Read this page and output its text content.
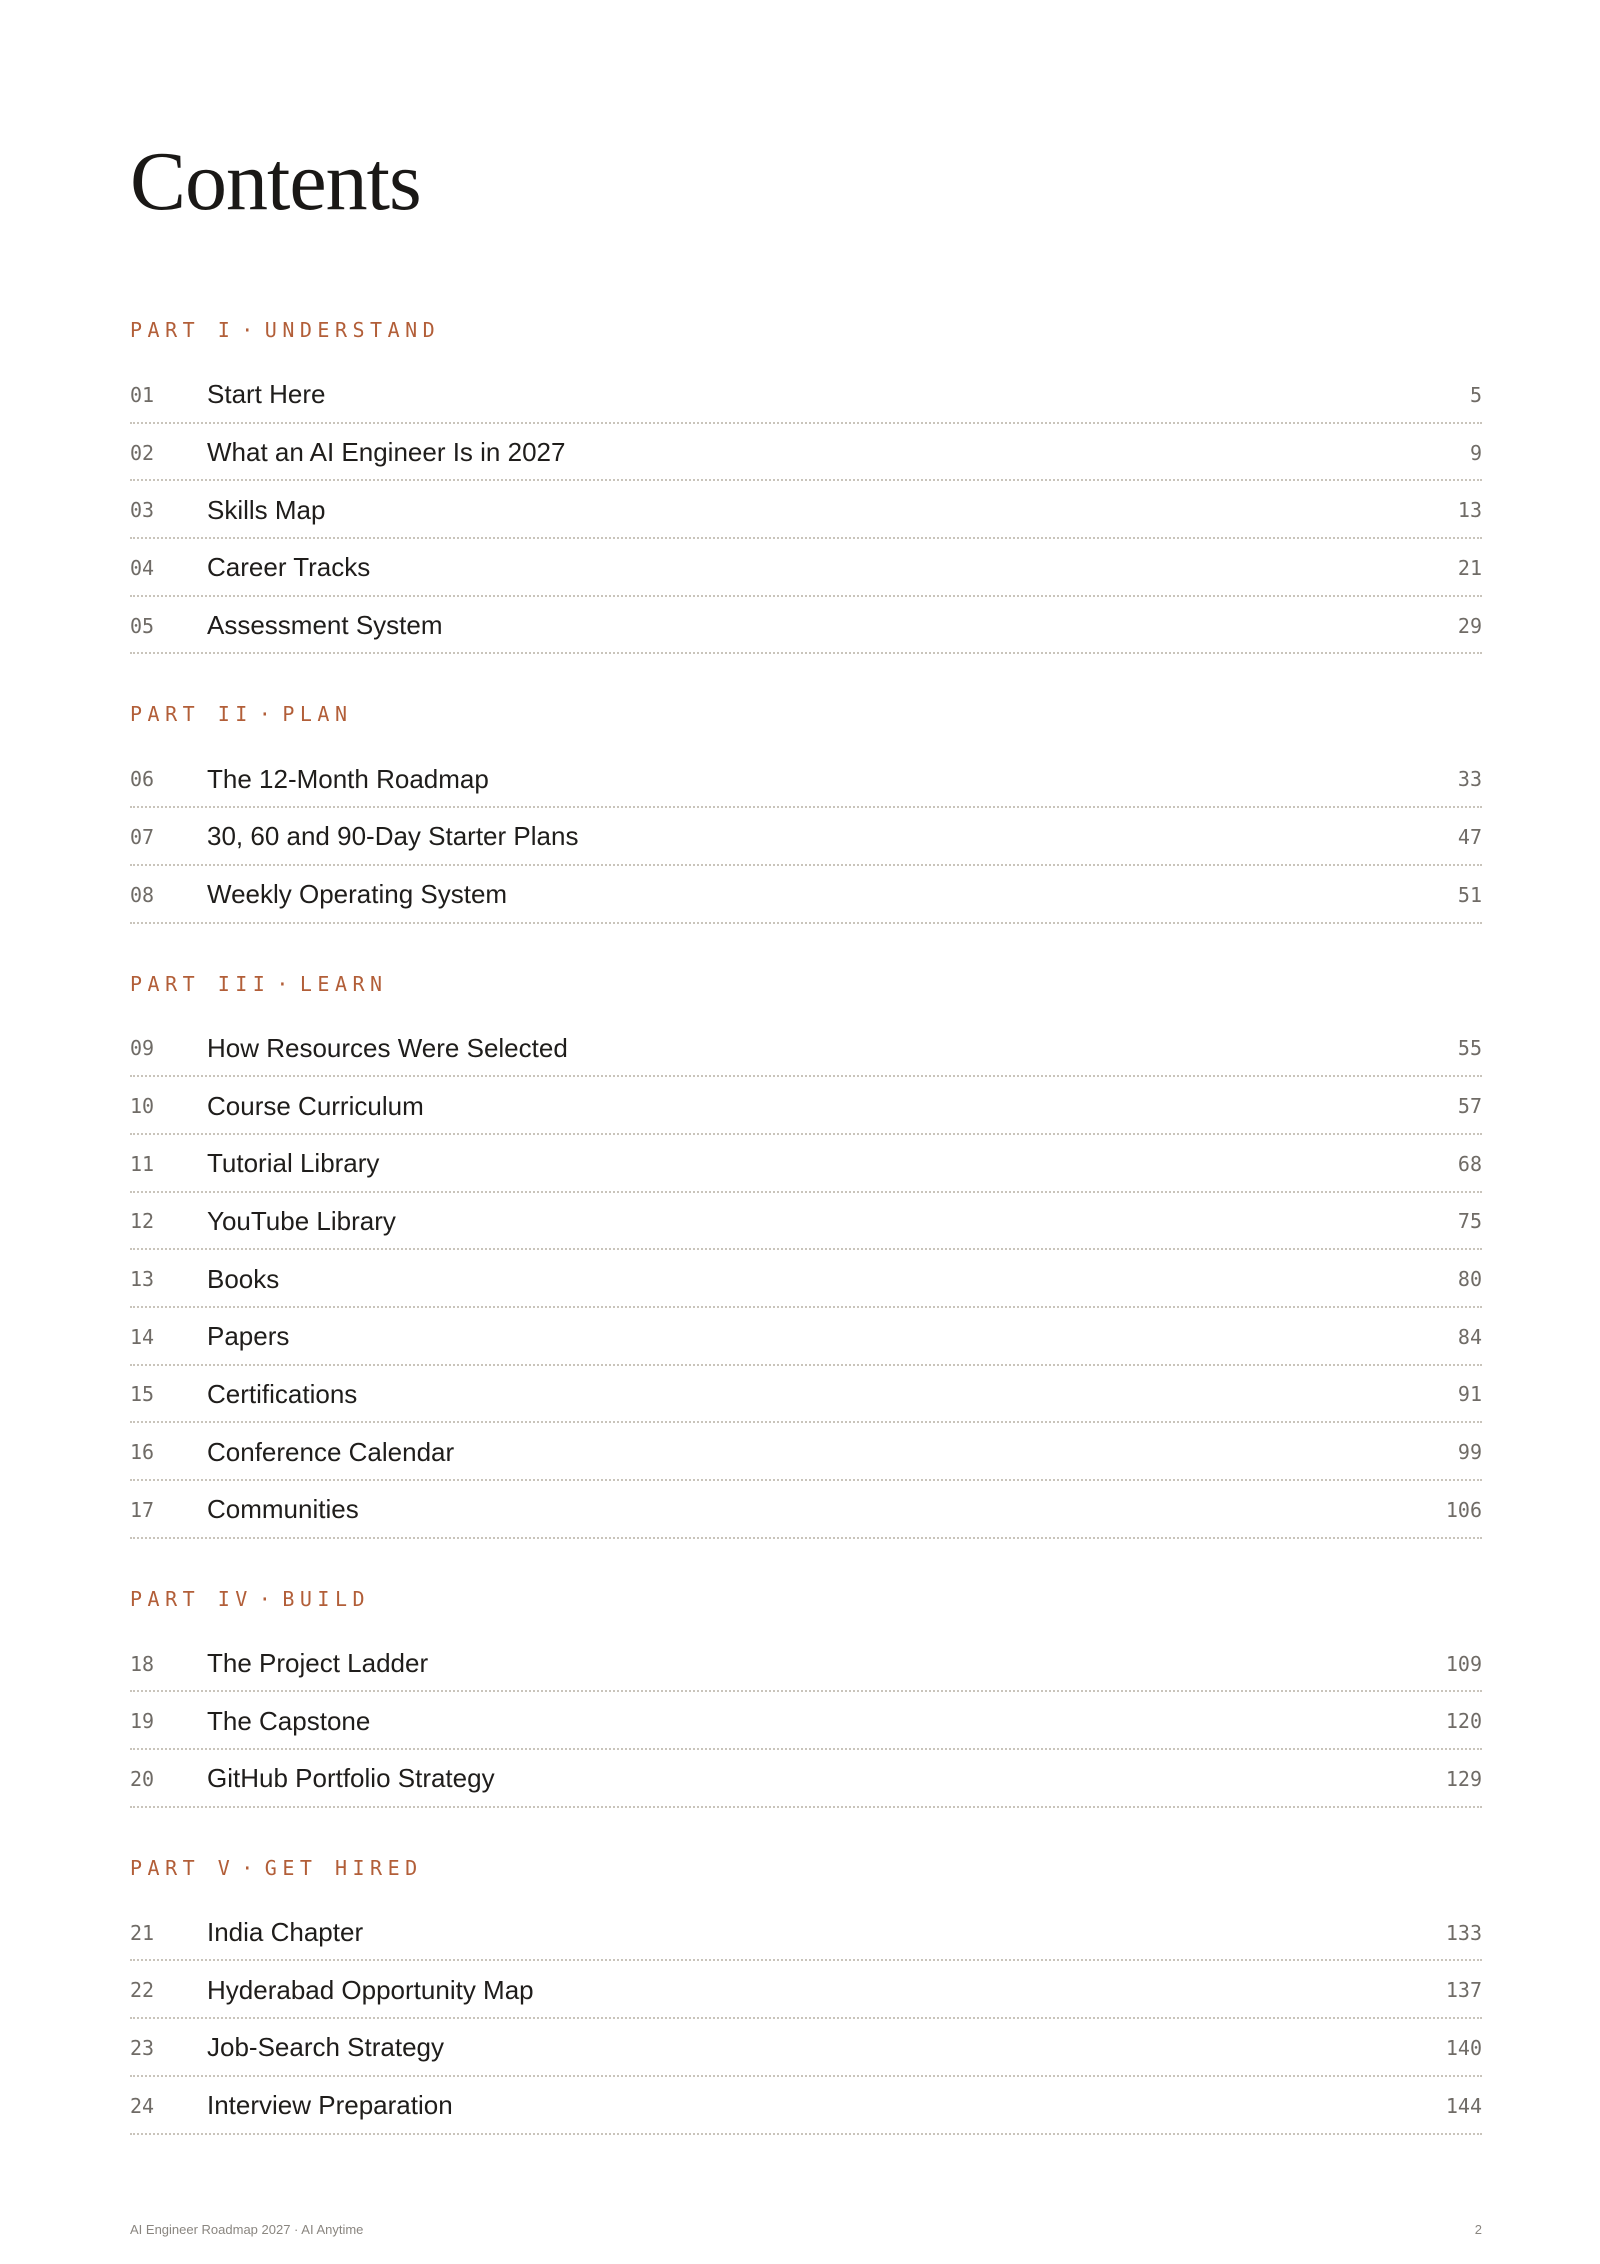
Contents
PART I · UNDERSTAND
01	Start Here	5
02	What an AI Engineer Is in 2027	9
03	Skills Map	13
04	Career Tracks	21
05	Assessment System	29
PART II · PLAN
06	The 12-Month Roadmap	33
07	30, 60 and 90-Day Starter Plans	47
08	Weekly Operating System	51
PART III · LEARN
09	How Resources Were Selected	55
10	Course Curriculum	57
11	Tutorial Library	68
12	YouTube Library	75
13	Books	80
14	Papers	84
15	Certifications	91
16	Conference Calendar	99
17	Communities	106
PART IV · BUILD
18	The Project Ladder	109
19	The Capstone	120
20	GitHub Portfolio Strategy	129
PART V · GET HIRED
21	India Chapter	133
22	Hyderabad Opportunity Map	137
23	Job-Search Strategy	140
24	Interview Preparation	144
AI Engineer Roadmap 2027 · AI Anytime	2
